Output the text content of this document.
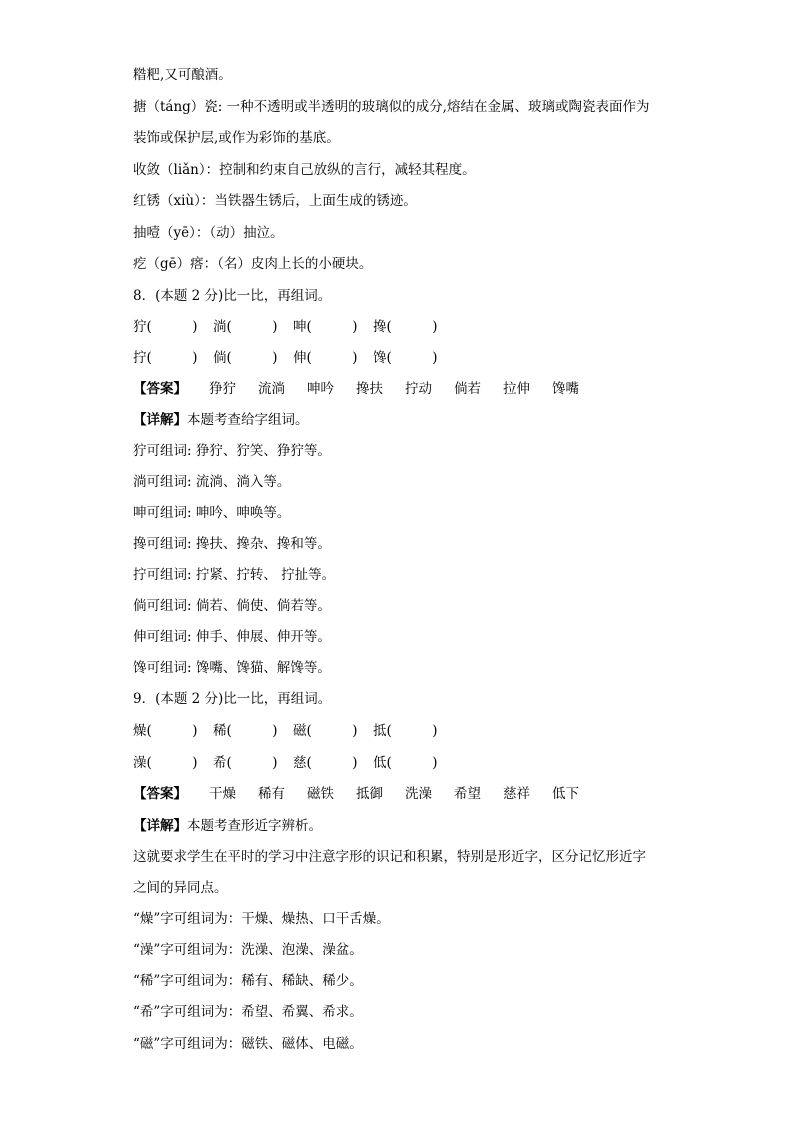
糌粑,又可酿酒。
搪（táng）瓷: 一种不透明或半透明的玻璃似的成分,熔结在金属、玻璃或陶瓷表面作为
装饰或保护层,或作为彩饰的基底。
收敛（liǎn）：控制和约束自己放纵的言行，减轻其程度。
红锈（xiù）：当铁器生锈后，上面生成的锈迹。
抽噎（yē）：（动）抽泣。
疙（gē）瘩：（名）皮肉上长的小硬块。
8．(本题 2 分)比一比，再组词。
狞(　　　)	淌(　　　)	呻(　　　)	搀(　　　)
拧(　　　)	倘(　　　)	伸(　　　)	馋(　　　)
【答案】	狰狞 流淌 呻吟 搀扶 拧动 倘若 拉伸 馋嘴
【详解】本题考查给字组词。
狞可组词: 狰狞、狞笑、狰狞等。
淌可组词: 流淌、淌入等。
呻可组词: 呻吟、呻唤等。
搀可组词: 搀扶、搀杂、搀和等。
拧可组词: 拧紧、拧转、 拧扯等。
倘可组词: 倘若、倘使、倘若等。
伸可组词: 伸手、伸展、伸开等。
馋可组词: 馋嘴、馋猫、解馋等。
9．(本题 2 分)比一比，再组词。
燥(　　　)	稀(　　　)	磁(　　　)	抵(　　　)
澡(　　　)	希(　　　)	慈(　　　)	低(　　　)
【答案】	干燥 稀有 磁铁 抵御 洗澡 希望 慈祥 低下
【详解】本题考查形近字辨析。
这就要求学生在平时的学习中注意字形的识记和积累，特别是形近字，区分记忆形近字
之间的异同点。
“燥”字可组词为：干燥、燥热、口干舌燥。
“澡”字可组词为：洗澡、泡澡、澡盆。
“稀”字可组词为：稀有、稀缺、稀少。
“希”字可组词为：希望、希翼、希求。
“磁”字可组词为：磁铁、磁体、电磁。
